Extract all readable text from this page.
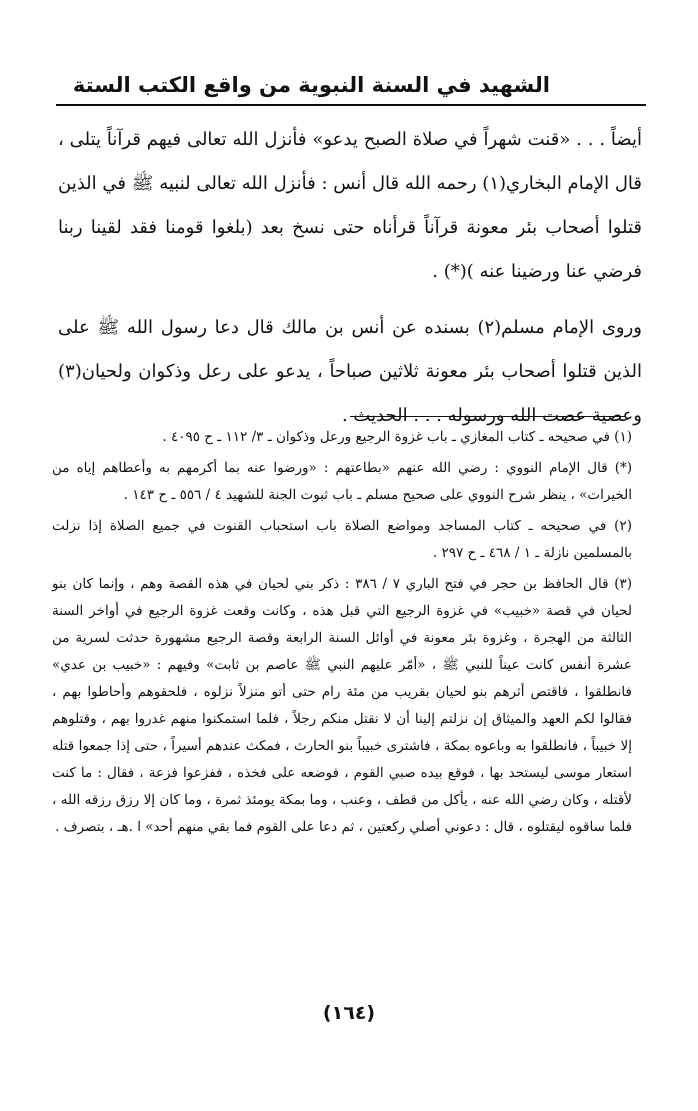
الشهيد في السنة النبوية من واقع الكتب الستة

أيضاً . . . «قنت شهراً في صلاة الصبح يدعو» فأنزل الله تعالى فيهم قرآناً يتلى ، قال الإمام البخاري(١) رحمه الله قال أنس : فأنزل الله تعالى لنبيه ﷺ في الذين قتلوا أصحاب بئر معونة قرآناً قرأناه حتى نسخ بعد (بلغوا قومنا فقد لقينا ربنا فرضي عنا ورضينا عنه )(*) .

وروى الإمام مسلم(٢) بسنده عن أنس بن مالك قال دعا رسول الله ﷺ على الذين قتلوا أصحاب بئر معونة ثلاثين صباحاً ، يدعو على رعل وذكوان ولحيان(٣) وعصية عصت الله ورسوله . . . الحديث .

(١) في صحيحه ـ كتاب المغازي ـ باب غزوة الرجيع ورعل وذكوان ـ ٣/ ١١٢ ـ ح ٤٠٩٥ .

(*) قال الإمام النووي : رضي الله عنهم «بطاعتهم : «ورضوا عنه بما أكرمهم به وأعطاهم إياه من الخيرات» ، ينظر شرح النووي على صحيح مسلم ـ باب ثبوت الجنة للشهيد ٤ / ٥٥٦ ـ ح ١٤٣ .

(٢) في صحيحه ـ كتاب المساجد ومواضع الصلاة باب استحباب القنوت في جميع الصلاة إذا نزلت بالمسلمين نازلة ـ ١ / ٤٦٨ ـ ح ٢٩٧ .

(٣) قال الحافظ بن حجر في فتح الباري ٧ / ٣٨٦ : ذكر بني لحيان في هذه القصة وهم ، وإنما كان بنو لحيان في قصة «خبيب» في غزوة الرجيع التي قبل هذه ، وكانت وقعت غزوة الرجيع في أواخر السنة الثالثة من الهجرة ، وغزوة بئر معونة في أوائل السنة الرابعة وقصة الرجيع مشهورة حدثت لسرية من عشرة أنفس كانت عيناً للنبي ﷺ ، «أمّر عليهم النبي ﷺ عاصم بن ثابت» وفيهم : «خبيب بن عدي» فانطلقوا ، فاقتص أثرهم بنو لحيان بقريب من مئة رام حتى أتو منزلاً نزلوه ، فلحقوهم وأحاطوا بهم ، فقالوا لكم العهد والميثاق إن نزلتم إلينا أن لا نقتل منكم رجلاً ، فلما استمكنوا منهم غدروا بهم ، وقتلوهم إلا خبيباً ، فانطلقوا به وباعوه بمكة ، فاشترى خبيباً بنو الحارث ، فمكث عندهم أسيراً ، حتى إذا جمعوا قتله استعار موسى ليستحد بها ، فوقع بيده صبي القوم ، فوضعه على فخذه ، ففزعوا فزعة ، فقال : ما كنت لأقتله ، وكان رضي الله عنه ، يأكل من قطف ، وعنب ، وما بمكة يومئذ ثمرة ، وما كان إلا رزق رزقه الله ، فلما ساقوه ليقتلوه ، قال : دعوني أصلي ركعتين ، ثم دعا على القوم فما بقي منهم أحد» ا .هـ ، بتصرف .

(١٦٤)
